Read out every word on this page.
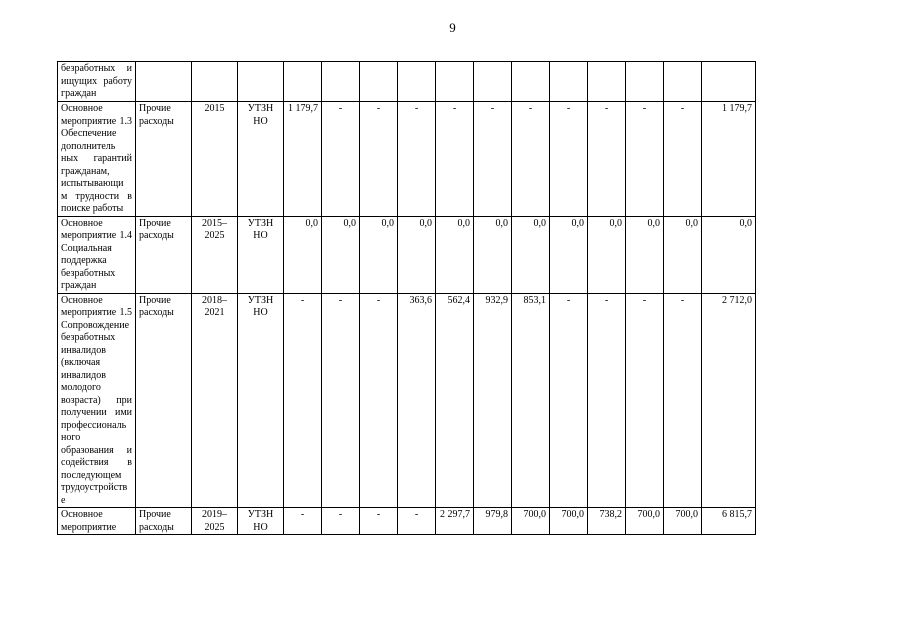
9
безработных и ищущих работу граждан															
Основное мероприятие 1.3 Обеспечение дополнитель ных гарантий гражданам, испытывающи м трудности в поиске работы	Прочие расходы	2015	УТЗН НО	1 179,7	-	-	-	-	-	-	-	-	-	-	1 179,7
Основное мероприятие 1.4 Социальная поддержка безработных граждан	Прочие расходы	2015–2025	УТЗН НО	0,0	0,0	0,0	0,0	0,0	0,0	0,0	0,0	0,0	0,0	0,0	0,0
Основное мероприятие 1.5 Сопровождение безработных инвалидов (включая инвалидов молодого возраста) при получении ими профессиональ ного образования и содействия в последующем трудоустройств е	Прочие расходы	2018–2021	УТЗН НО	-	-	-	363,6	562,4	932,9	853,1	-	-	-	-	2 712,0
Основное мероприятие	Прочие расходы	2019–2025	УТЗН НО	-	-	-	-	2 297,7	979,8	700,0	700,0	738,2	700,0	700,0	6 815,7
